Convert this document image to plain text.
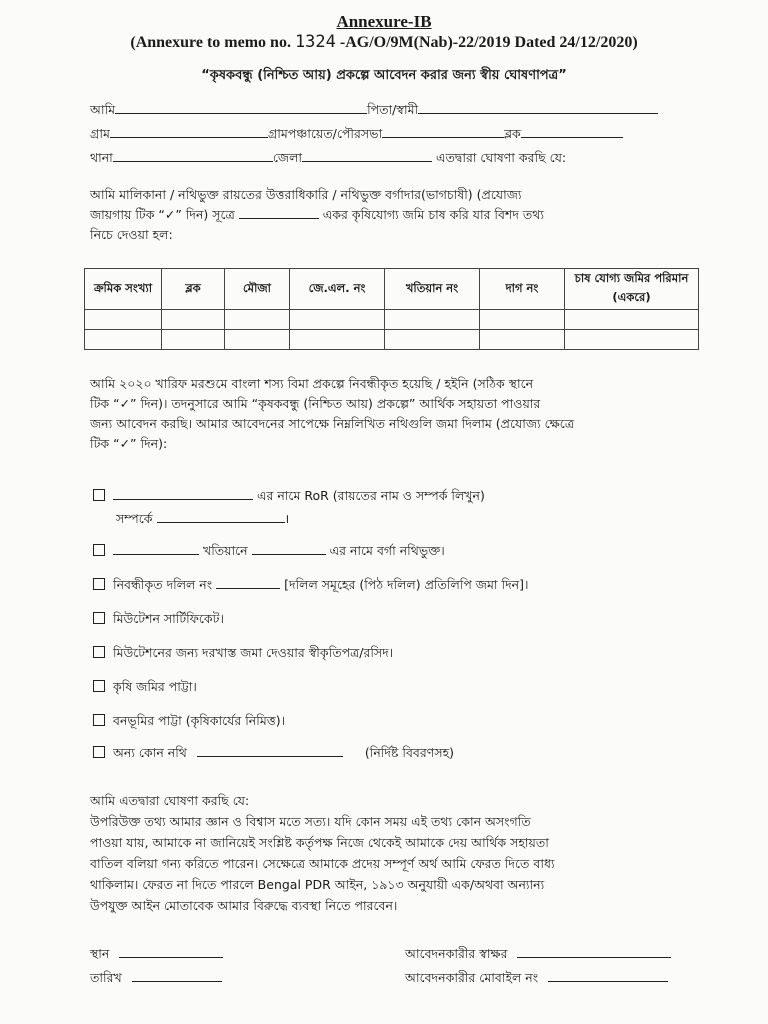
Annexure-IB
(Annexure to memo no. 1324 -AG/O/9M(Nab)-22/2019 Dated 24/12/2020)
“কৃষকবন্ধু (নিশ্চিত আয়) প্রকল্পে আবেদন করার জন্য স্বীয় ঘোষণাপত্র”
আমি	পিতা/স্বামী
গ্রাম	গ্রামপঞ্চায়েত/পৌরসভা	ব্লক
থানা	জেলা	এতদ্বারা ঘোষণা করছি যে:
আমি মালিকানা / নথিভুক্ত রায়তের উত্তরাধিকারি / নথিভুক্ত বর্গাদার(ভাগচাষী) (প্রযোজ্য
জায়গায় টিক “✓” দিন) সূত্রে	একর কৃষিযোগ্য জমি চাষ করি যার বিশদ তথ্য
নিচে দেওয়া হল:
ক্রমিক সংখ্যা	ব্লক	মৌজা	জে.এল. নং	খতিয়ান নং	দাগ নং	চাষ যোগ্য জমির পরিমান (একরে)

আমি ২০২০ খারিফ মরশুমে বাংলা শস্য বিমা প্রকল্পে নিবন্ধীকৃত হয়েছি / হইনি (সঠিক স্থানে
টিক “✓” দিন)। তদনুসারে আমি “কৃষকবন্ধু (নিশ্চিত আয়) প্রকল্পে” আর্থিক সহায়তা পাওয়ার
জন্য আবেদন করছি। আমার আবেদনের সাপেক্ষে নিম্নলিখিত নথিগুলি জমা দিলাম (প্রযোজ্য ক্ষেত্রে
টিক “✓” দিন):
এর নামে RoR (রায়তের নাম ও সম্পর্ক লিখুন)
সম্পর্কে	।
খতিয়ানে	এর নামে বর্গা নথিভুক্ত।
নিবন্ধীকৃত দলিল নং	[দলিল সমূহের (পিঠ দলিল) প্রতিলিপি জমা দিন]।
মিউটেশন সার্টিফিকেট।
মিউটেশনের জন্য দরখাস্ত জমা দেওয়ার স্বীকৃতিপত্র/রসিদ।
কৃষি জমির পাট্টা।
বনভূমির পাট্টা (কৃষিকার্যের নিমিত্ত)।
অন্য কোন নথি	(নির্দিষ্ট বিবরণসহ)
আমি এতদ্বারা ঘোষণা করছি যে:
উপরিউক্ত তথ্য আমার জ্ঞান ও বিশ্বাস মতে সত্য। যদি কোন সময় এই তথ্য কোন অসংগতি
পাওয়া যায়, আমাকে না জানিয়েই সংশ্লিষ্ট কর্তৃপক্ষ নিজে থেকেই আমাকে দেয় আর্থিক সহায়তা
বাতিল বলিয়া গন্য করিতে পারেন। সেক্ষেত্রে আমাকে প্রদেয় সম্পূর্ণ অর্থ আমি ফেরত দিতে বাধ্য
থাকিলাম। ফেরত না দিতে পারলে Bengal PDR আইন, ১৯১৩ অনুযায়ী এক/অথবা অন্যান্য
উপযুক্ত আইন মোতাবেক আমার বিরুদ্ধে ব্যবস্থা নিতে পারবেন।
স্থান
তারিখ
আবেদনকারীর স্বাক্ষর
আবেদনকারীর মোবাইল নং
